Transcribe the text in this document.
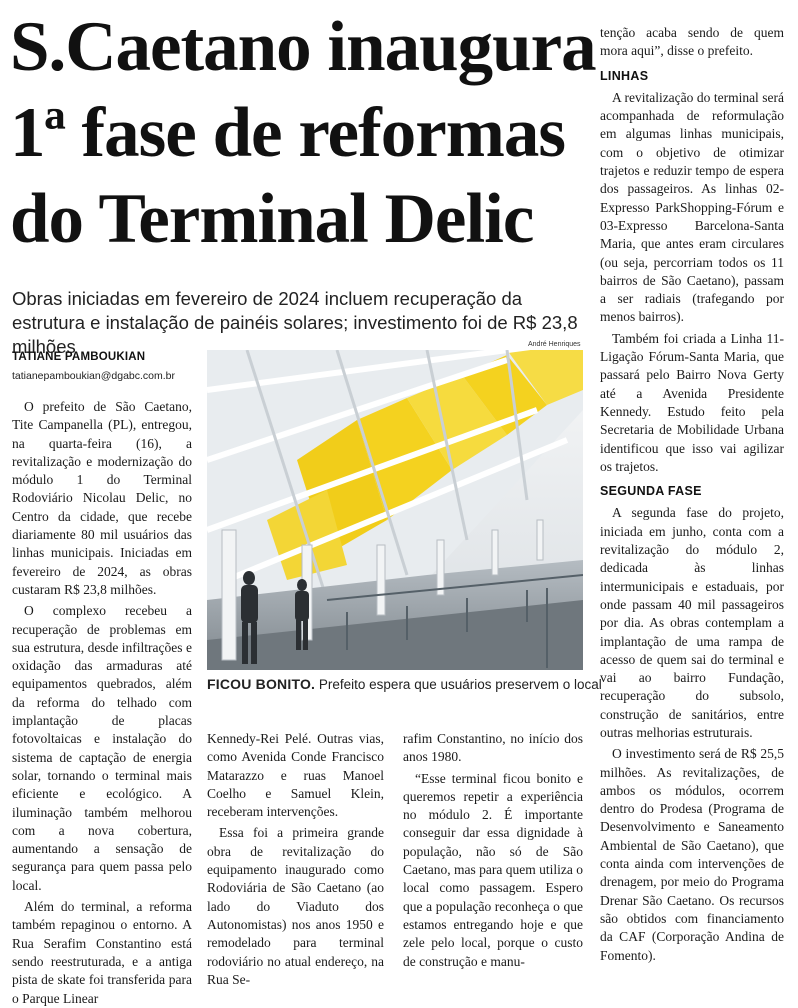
S.Caetano inaugura
1ª fase de reformas
do Terminal Delic

Obras iniciadas em fevereiro de 2024 incluem recuperação da estrutura e instalação de painéis solares; investimento foi de R$ 23,8 milhões

TATIANE PAMBOUKIAN
tatianepamboukian@dgabc.com.br

O prefeito de São Caetano, Tite Campanella (PL), entregou, na quarta-feira (16), a revitalização e modernização do módulo 1 do Terminal Rodoviário Nicolau Delic, no Centro da cidade, que recebe diariamente 80 mil usuários das linhas municipais. Iniciadas em fevereiro de 2024, as obras custaram R$ 23,8 milhões.

O complexo recebeu a recuperação de problemas em sua estrutura, desde infiltrações e oxidação das armaduras até equipamentos quebrados, além da reforma do telhado com implantação de placas fotovoltaicas e instalação do sistema de captação de energia solar, tornando o terminal mais eficiente e ecológico. A iluminação também melhorou com a nova cobertura, aumentando a sensação de segurança para quem passa pelo local.

Além do terminal, a reforma também repaginou o entorno. A Rua Serafim Constantino está sendo reestruturada, e a antiga pista de skate foi transferida para o Parque Linear

André Henriques
FICOU BONITO. Prefeito espera que usuários preservem o local

Kennedy-Rei Pelé. Outras vias, como Avenida Conde Francisco Matarazzo e ruas Manoel Coelho e Samuel Klein, receberam intervenções.

Essa foi a primeira grande obra de revitalização do equipamento inaugurado como Rodoviária de São Caetano (ao lado do Viaduto dos Autonomistas) nos anos 1950 e remodelado para terminal rodoviário no atual endereço, na Rua Se-

rafim Constantino, no início dos anos 1980.

“Esse terminal ficou bonito e queremos repetir a experiência no módulo 2. É importante conseguir dar essa dignidade à população, não só de São Caetano, mas para quem utiliza o local como passagem. Espero que a população reconheça o que estamos entregando hoje e que zele pelo local, porque o custo de construção e manu-

tenção acaba sendo de quem mora aqui”, disse o prefeito.

LINHAS

A revitalização do terminal será acompanhada de reformulação em algumas linhas municipais, com o objetivo de otimizar trajetos e reduzir tempo de espera dos passageiros. As linhas 02-Expresso ParkShopping-Fórum e 03-Expresso Barcelona-Santa Maria, que antes eram circulares (ou seja, percorriam todos os 11 bairros de São Caetano), passam a ser radiais (trafegando por menos bairros).

Também foi criada a Linha 11-Ligação Fórum-Santa Maria, que passará pelo Bairro Nova Gerty até a Avenida Presidente Kennedy. Estudo feito pela Secretaria de Mobilidade Urbana identificou que isso vai agilizar os trajetos.

SEGUNDA FASE

A segunda fase do projeto, iniciada em junho, conta com a revitalização do módulo 2, dedicada às linhas intermunicipais e estaduais, por onde passam 40 mil passageiros por dia. As obras contemplam a implantação de uma rampa de acesso de quem sai do terminal e vai ao bairro Fundação, recuperação do subsolo, construção de sanitários, entre outras melhorias estruturais.

O investimento será de R$ 25,5 milhões. As revitalizações, de ambos os módulos, ocorrem dentro do Prodesa (Programa de Desenvolvimento e Saneamento Ambiental de São Caetano), que conta ainda com intervenções de drenagem, por meio do Programa Drenar São Caetano. Os recursos são obtidos com financiamento da CAF (Corporação Andina de Fomento).
